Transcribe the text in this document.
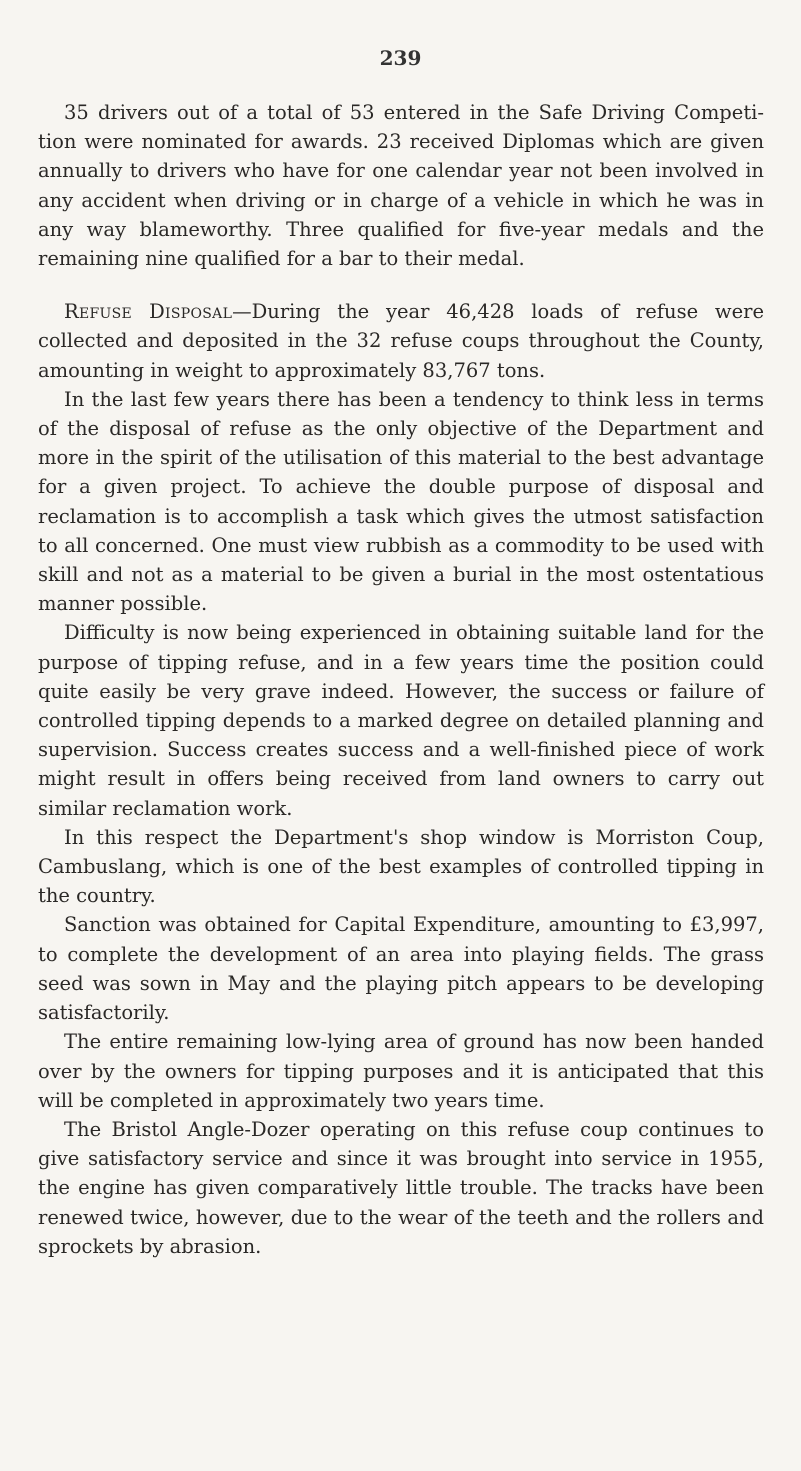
239

35 drivers out of a total of 53 entered in the Safe Driving Competi-tion were nominated for awards. 23 received Diplomas which are given annually to drivers who have for one calendar year not been involved in any accident when driving or in charge of a vehicle in which he was in any way blameworthy. Three qualified for five-year medals and the remaining nine qualified for a bar to their medal.

Refuse Disposal—During the year 46,428 loads of refuse were collected and deposited in the 32 refuse coups throughout the County, amounting in weight to approximately 83,767 tons.

In the last few years there has been a tendency to think less in terms of the disposal of refuse as the only objective of the Department and more in the spirit of the utilisation of this material to the best advantage for a given project. To achieve the double purpose of disposal and reclamation is to accomplish a task which gives the utmost satisfaction to all concerned. One must view rubbish as a commodity to be used with skill and not as a material to be given a burial in the most ostentatious manner possible.

Difficulty is now being experienced in obtaining suitable land for the purpose of tipping refuse, and in a few years time the position could quite easily be very grave indeed. However, the success or failure of controlled tipping depends to a marked degree on detailed planning and supervision. Success creates success and a well-finished piece of work might result in offers being received from land owners to carry out similar reclamation work.

In this respect the Department's shop window is Morriston Coup, Cambuslang, which is one of the best examples of controlled tipping in the country.

Sanction was obtained for Capital Expenditure, amounting to £3,997, to complete the development of an area into playing fields. The grass seed was sown in May and the playing pitch appears to be developing satisfactorily.

The entire remaining low-lying area of ground has now been handed over by the owners for tipping purposes and it is anticipated that this will be completed in approximately two years time.

The Bristol Angle-Dozer operating on this refuse coup continues to give satisfactory service and since it was brought into service in 1955, the engine has given comparatively little trouble. The tracks have been renewed twice, however, due to the wear of the teeth and the rollers and sprockets by abrasion.
